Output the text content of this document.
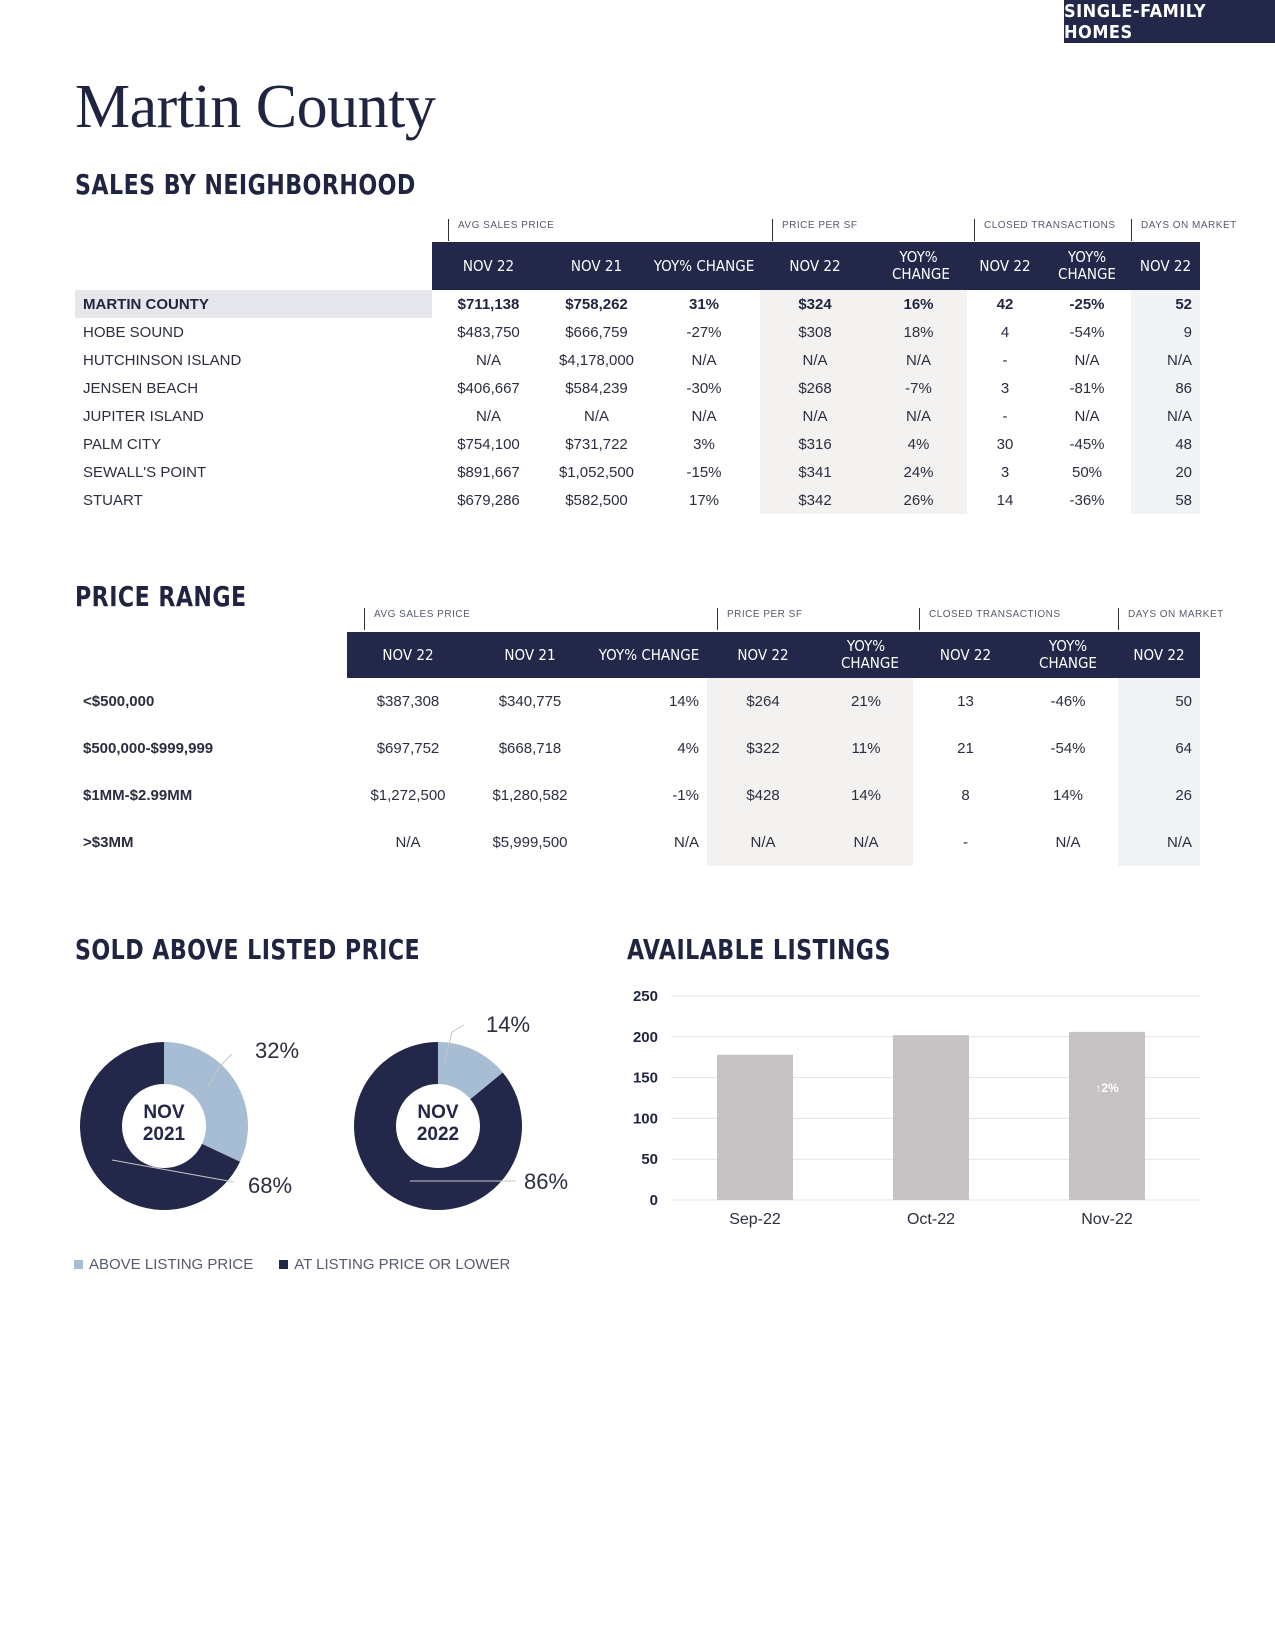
SINGLE-FAMILY HOMES
Martin County
SALES BY NEIGHBORHOOD
AVG SALES PRICE	PRICE PER SF	CLOSED TRANSACTIONS	DAYS ON MARKET
	NOV 22	NOV 21	YOY% CHANGE	NOV 22	YOY% CHANGE	NOV 22	YOY% CHANGE	NOV 22
MARTIN COUNTY	$711,138	$758,262	31%	$324	16%	42	-25%	52
HOBE SOUND	$483,750	$666,759	-27%	$308	18%	4	-54%	9
HUTCHINSON ISLAND	N/A	$4,178,000	N/A	N/A	N/A	-	N/A	N/A
JENSEN BEACH	$406,667	$584,239	-30%	$268	-7%	3	-81%	86
JUPITER ISLAND	N/A	N/A	N/A	N/A	N/A	-	N/A	N/A
PALM CITY	$754,100	$731,722	3%	$316	4%	30	-45%	48
SEWALL'S POINT	$891,667	$1,052,500	-15%	$341	24%	3	50%	20
STUART	$679,286	$582,500	17%	$342	26%	14	-36%	58
PRICE RANGE
AVG SALES PRICE	PRICE PER SF	CLOSED TRANSACTIONS	DAYS ON MARKET
	NOV 22	NOV 21	YOY% CHANGE	NOV 22	YOY% CHANGE	NOV 22	YOY% CHANGE	NOV 22
<$500,000	$387,308	$340,775	14%	$264	21%	13	-46%	50
$500,000-$999,999	$697,752	$668,718	4%	$322	11%	21	-54%	64
$1MM-$2.99MM	$1,272,500	$1,280,582	-1%	$428	14%	8	14%	26
>$3MM	N/A	$5,999,500	N/A	N/A	N/A	-	N/A	N/A
SOLD ABOVE LISTED PRICE
NOV
2021
32%
68%
NOV
2022
14%
86%
ABOVE LISTING PRICE	AT LISTING PRICE OR LOWER
AVAILABLE LISTINGS
0
50
100
150
200
250
Sep-22	Oct-22	Nov-22
↑2%
